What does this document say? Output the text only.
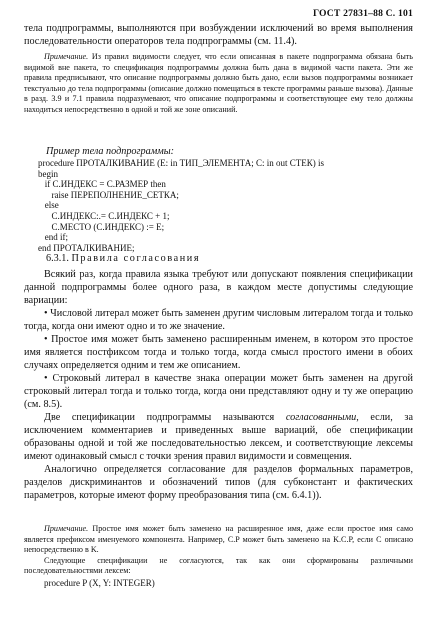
ГОСТ 27831–88 С. 101

тела подпрограммы, выполняются при возбуждении исключений во время выполнения последовательности операторов тела подпрограммы (см. 11.4).

Примечание. Из правил видимости следует, что если описанная в пакете подпрограмма обязана быть видимой вне пакета, то спецификация подпрограммы должна быть дана в видимой части пакета. Эти же правила предписывают, что описание подпрограммы должно быть дано, если вызов подпрограммы возникает текстуально до тела подпрограммы (описание должно помещаться в тексте программы раньше вызова). Данные в разд. 3.9 и 7.1 правила подразумевают, что описание подпрограммы и соответствующее ему тело должны находиться непосредственно в одной и той же зоне описаний.

Пример тела подпрограммы:

procedure ПРОТАЛКИВАНИЕ (E: in ТИП_ЭЛЕМЕНТА; C: in out СТЕК) is
begin
if C.ИНДЕКС = C.РАЗМЕР then
raise ПЕРЕПОЛНЕНИЕ_СЕТКА;
else
C.ИНДЕКС:.= C.ИНДЕКС + 1;
C.МЕСТО (C.ИНДЕКС) := E;
end if;
end ПРОТАЛКИВАНИЕ;

6.3.1. Правила согласования

Всякий раз, когда правила языка требуют или допускают появления спецификации данной подпрограммы более одного раза, в каждом месте допустимы следующие вариации:

• Числовой литерал может быть заменен другим числовым литералом тогда и только тогда, когда они имеют одно и то же значение.

• Простое имя может быть заменено расширенным именем, в котором это простое имя является постфиксом тогда и только тогда, когда смысл простого имени в обоих случаях определяется одним и тем же описанием.

• Строковый литерал в качестве знака операции может быть заменен на другой строковый литерал тогда и только тогда, когда они представляют одну и ту же операцию (см. 8.5).

Две спецификации подпрограммы называются согласованными, если, за исключением комментариев и приведенных выше вариаций, обе спецификации образованы одной и той же последовательностью лексем, и соответствующие лексемы имеют одинаковый смысл с точки зрения правил видимости и совмещения.

Аналогично определяется согласование для разделов формальных параметров, разделов дискриминантов и обозначений типов (для субконстант и фактических параметров, которые имеют форму преобразования типа (см. 6.4.1)).

Примечание. Простое имя может быть заменено на расширенное имя, даже если простое имя само является префиксом именуемого компонента. Например, C.P может быть заменено на K.C.P, если С описано непосредственно в K.

Следующие спецификации не согласуются, так как они сформированы различными последовательностями лексем:

procedure P (X, Y: INTEGER)
